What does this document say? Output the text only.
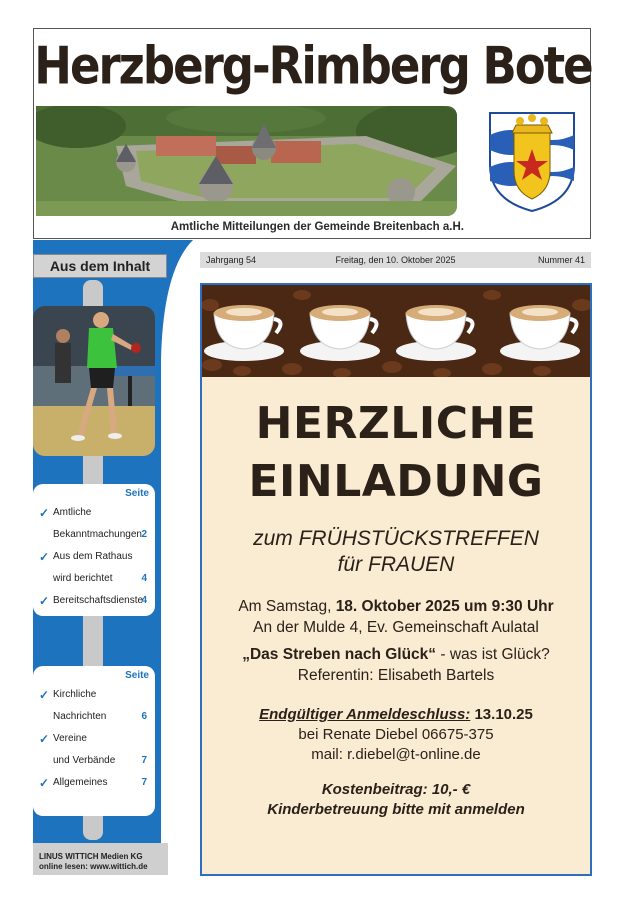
Herzberg-Rimberg Bote
Amtliche Mitteilungen der Gemeinde Breitenbach a.H.
Aus dem Inhalt
Seite
✓ Amtliche
Bekanntmachungen 2
✓ Aus dem Rathaus
wird berichtet	4
✓ Bereitschaftsdienste
4
Seite
✓ Kirchliche
Nachrichten	6
✓ Vereine
und Verbände	7
✓ Allgemeines	7
LINUS WITTICH Medien KG
online lesen: www.wittich.de
Freitag, den 10. Oktober 2025
Jahrgang 54	Nummer 41
HERZLICHE
EINLADUNG
zum FRÜHSTÜCKSTREFFEN
für FRAUEN
Am Samstag, 18. Oktober 2025 um 9:30 Uhr
An der Mulde 4, Ev. Gemeinschaft Aulatal
„Das Streben nach Glück“ - was ist Glück?
Referentin: Elisabeth Bartels
Endgültiger Anmeldeschluss: 13.10.25
bei Renate Diebel 06675-375
mail: r.diebel@t-online.de
Kostenbeitrag: 10,- €
Kinderbetreuung bitte mit anmelden
